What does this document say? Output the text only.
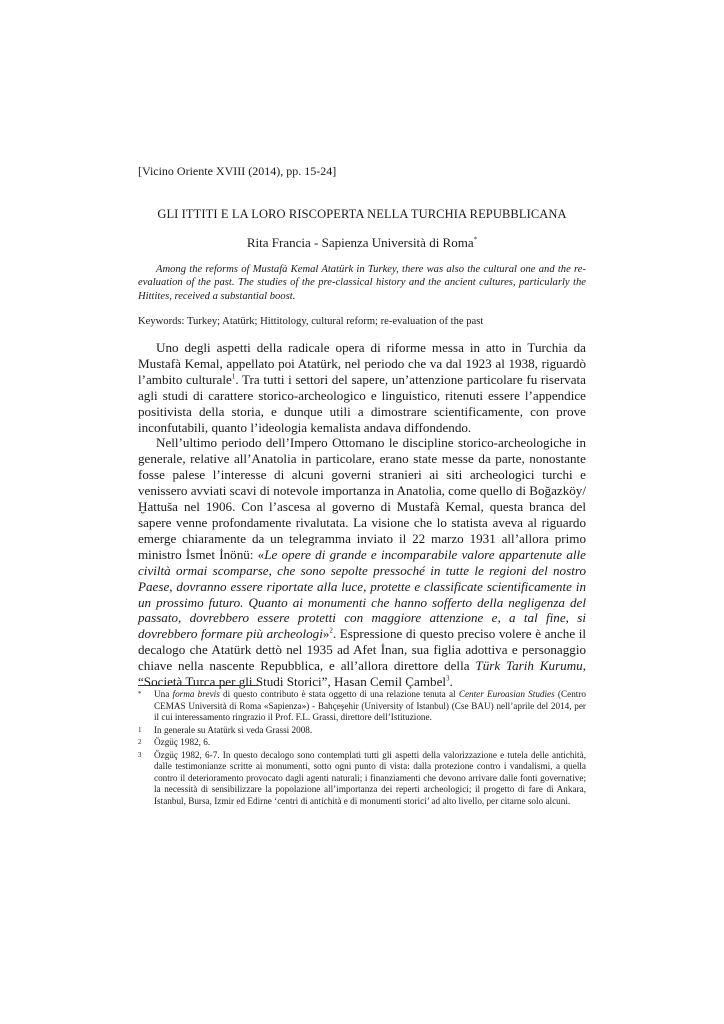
[Vicino Oriente XVIII (2014), pp. 15-24]

GLI ITTITI E LA LORO RISCOPERTA NELLA TURCHIA REPUBBLICANA

Rita Francia - Sapienza Università di Roma*

Among the reforms of Mustafà Kemal Atatürk in Turkey, there was also the cultural one and the re-evaluation of the past. The studies of the pre-classical history and the ancient cultures, particularly the Hittites, received a substantial boost.

Keywords: Turkey; Atatürk; Hittitology, cultural reform; re-evaluation of the past

Uno degli aspetti della radicale opera di riforme messa in atto in Turchia da Mustafà Kemal, appellato poi Atatürk, nel periodo che va dal 1923 al 1938, riguardò l’ambito culturale$^1$. Tra tutti i settori del sapere, un’attenzione particolare fu riservata agli studi di carattere storico-archeologico e linguistico, ritenuti essere l’appendice positivista della storia, e dunque utili a dimostrare scientificamente, con prove inconfutabili, quanto l’ideologia kemalista andava diffondendo.

Nell’ultimo periodo dell’Impero Ottomano le discipline storico-archeologiche in generale, relative all’Anatolia in particolare, erano state messe da parte, nonostante fosse palese l’interesse di alcuni governi stranieri ai siti archeologici turchi e venissero avviati scavi di notevole importanza in Anatolia, come quello di Boğazköy/Ḫattuša nel 1906. Con l’ascesa al governo di Mustafà Kemal, questa branca del sapere venne profondamente rivalutata. La visione che lo statista aveva al riguardo emerge chiaramente da un telegramma inviato il 22 marzo 1931 all’allora primo ministro İsmet İnönü: «Le opere di grande e incomparabile valore appartenute alle civiltà ormai scomparse, che sono sepolte pressoché in tutte le regioni del nostro Paese, dovranno essere riportate alla luce, protette e classificate scientificamente in un prossimo futuro. Quanto ai monumenti che hanno sofferto della negligenza del passato, dovrebbero essere protetti con maggiore attenzione e, a tal fine, si dovrebbero formare più archeologi»$^2$. Espressione di questo preciso volere è anche il decalogo che Atatürk dettò nel 1935 ad Afet İnan, sua figlia adottiva e personaggio chiave nella nascente Repubblica, e all’allora direttore della Türk Tarih Kurumu, “Società Turca per gli Studi Storici”, Hasan Cemil Çambel$^3$.

*	Una forma brevis di questo contributo è stata oggetto di una relazione tenuta al Center Euroasian Studies (Centro CEMAS Università di Roma «Sapienza») - Bahçeşehir (University of Istanbul) (Cse BAU) nell’aprile del 2014, per il cui interessamento ringrazio il Prof. F.L. Grassi, direttore dell’Istituzione.
1	In generale su Atatürk si veda Grassi 2008.
2	Özgüç 1982, 6.
3	Özgüç 1982, 6-7. In questo decalogo sono contemplati tutti gli aspetti della valorizzazione e tutela delle antichità, dalle testimonianze scritte ai monumenti, sotto ogni punto di vista: dalla protezione contro i vandalismi, a quella contro il deterioramento provocato dagli agenti naturali; i finanziamenti che devono arrivare dalle fonti governative; la necessità di sensibilizzare la popolazione all’importanza dei reperti archeologici; il progetto di fare di Ankara, Istanbul, Bursa, Izmir ed Edirne ‘centri di antichità e di monumenti storici’ ad alto livello, per citarne solo alcuni.
